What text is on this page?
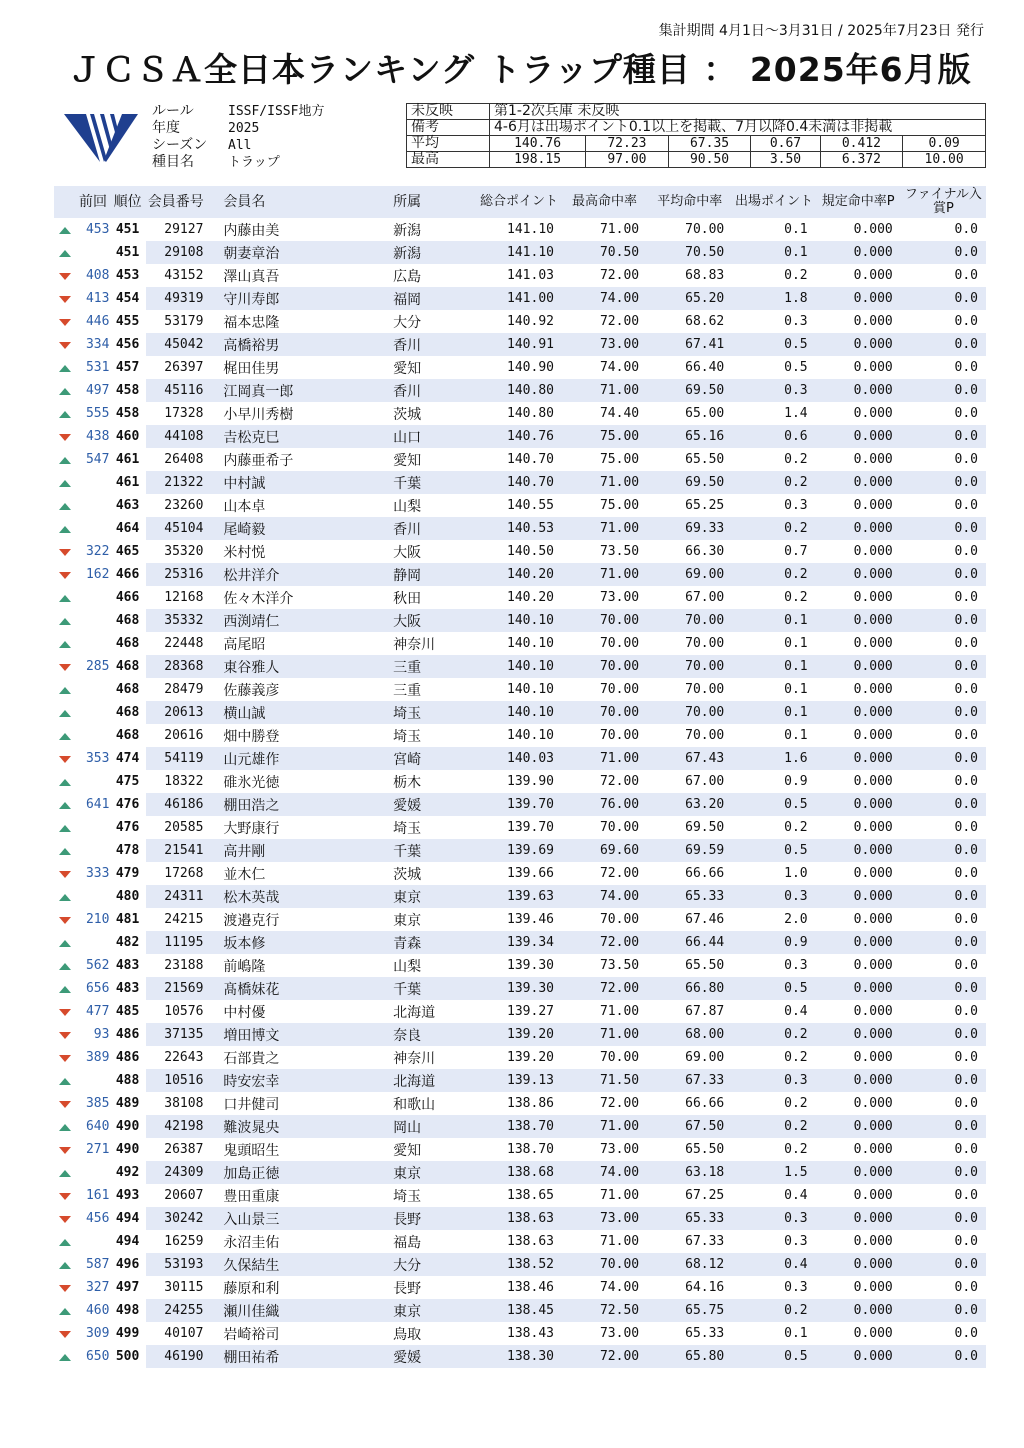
集計期間 4月1日～3月31日 / 2025年7月23日 発行
ＪＣＳＡ全日本ランキング トラップ種目 ： 2025年6月版
ルール	ISSF/ISSF地方
年度	2025
シーズン	All
種目名	トラップ
未反映	第1-2次兵庫 未反映					
備考	4-6月は出場ポイント0.1以上を掲載、7月以降0.4未満は非掲載					
平均	140.76	72.23	67.35	0.67	0.412	0.09
最高	198.15	97.00	90.50	3.50	6.372	10.00
	前回	順位	会員番号	会員名	所属	総合ポイント	最高命中率	平均命中率	出場ポイント	規定命中率P	ファイナル入賞P
	453	451	29127	内藤由美	新潟	141.10	71.00	70.00	0.1	0.000	0.0
		451	29108	朝妻章治	新潟	141.10	70.50	70.50	0.1	0.000	0.0
	408	453	43152	澤山真吾	広島	141.03	72.00	68.83	0.2	0.000	0.0
	413	454	49319	守川寿郎	福岡	141.00	74.00	65.20	1.8	0.000	0.0
	446	455	53179	福本忠隆	大分	140.92	72.00	68.62	0.3	0.000	0.0
	334	456	45042	高橋裕男	香川	140.91	73.00	67.41	0.5	0.000	0.0
	531	457	26397	梶田佳男	愛知	140.90	74.00	66.40	0.5	0.000	0.0
	497	458	45116	江岡真一郎	香川	140.80	71.00	69.50	0.3	0.000	0.0
	555	458	17328	小早川秀樹	茨城	140.80	74.40	65.00	1.4	0.000	0.0
	438	460	44108	𠮷松克巳	山口	140.76	75.00	65.16	0.6	0.000	0.0
	547	461	26408	内藤亜希子	愛知	140.70	75.00	65.50	0.2	0.000	0.0
		461	21322	中村誠	千葉	140.70	71.00	69.50	0.2	0.000	0.0
		463	23260	山本卓	山梨	140.55	75.00	65.25	0.3	0.000	0.0
		464	45104	尾崎毅	香川	140.53	71.00	69.33	0.2	0.000	0.0
	322	465	35320	米村悦	大阪	140.50	73.50	66.30	0.7	0.000	0.0
	162	466	25316	松井洋介	静岡	140.20	71.00	69.00	0.2	0.000	0.0
		466	12168	佐々木洋介	秋田	140.20	73.00	67.00	0.2	0.000	0.0
		468	35332	西渕靖仁	大阪	140.10	70.00	70.00	0.1	0.000	0.0
		468	22448	高尾昭	神奈川	140.10	70.00	70.00	0.1	0.000	0.0
	285	468	28368	東谷雅人	三重	140.10	70.00	70.00	0.1	0.000	0.0
		468	28479	佐藤義彦	三重	140.10	70.00	70.00	0.1	0.000	0.0
		468	20613	横山誠	埼玉	140.10	70.00	70.00	0.1	0.000	0.0
		468	20616	畑中勝登	埼玉	140.10	70.00	70.00	0.1	0.000	0.0
	353	474	54119	山元雄作	宮崎	140.03	71.00	67.43	1.6	0.000	0.0
		475	18322	碓氷光徳	栃木	139.90	72.00	67.00	0.9	0.000	0.0
	641	476	46186	棚田浩之	愛媛	139.70	76.00	63.20	0.5	0.000	0.0
		476	20585	大野康行	埼玉	139.70	70.00	69.50	0.2	0.000	0.0
		478	21541	高井剛	千葉	139.69	69.60	69.59	0.5	0.000	0.0
	333	479	17268	並木仁	茨城	139.66	72.00	66.66	1.0	0.000	0.0
		480	24311	松木英哉	東京	139.63	74.00	65.33	0.3	0.000	0.0
	210	481	24215	渡邉克行	東京	139.46	70.00	67.46	2.0	0.000	0.0
		482	11195	坂本修	青森	139.34	72.00	66.44	0.9	0.000	0.0
	562	483	23188	前嶋隆	山梨	139.30	73.50	65.50	0.3	0.000	0.0
	656	483	21569	髙橋妹花	千葉	139.30	72.00	66.80	0.5	0.000	0.0
	477	485	10576	中村優	北海道	139.27	71.00	67.87	0.4	0.000	0.0
	93	486	37135	増田博文	奈良	139.20	71.00	68.00	0.2	0.000	0.0
	389	486	22643	石部貴之	神奈川	139.20	70.00	69.00	0.2	0.000	0.0
		488	10516	時安宏幸	北海道	139.13	71.50	67.33	0.3	0.000	0.0
	385	489	38108	口井健司	和歌山	138.86	72.00	66.66	0.2	0.000	0.0
	640	490	42198	難波晁央	岡山	138.70	71.00	67.50	0.2	0.000	0.0
	271	490	26387	鬼頭昭生	愛知	138.70	73.00	65.50	0.2	0.000	0.0
		492	24309	加島正徳	東京	138.68	74.00	63.18	1.5	0.000	0.0
	161	493	20607	豊田重康	埼玉	138.65	71.00	67.25	0.4	0.000	0.0
	456	494	30242	入山景三	長野	138.63	73.00	65.33	0.3	0.000	0.0
		494	16259	永沼圭佑	福島	138.63	71.00	67.33	0.3	0.000	0.0
	587	496	53193	久保結生	大分	138.52	70.00	68.12	0.4	0.000	0.0
	327	497	30115	藤原和利	長野	138.46	74.00	64.16	0.3	0.000	0.0
	460	498	24255	瀬川佳織	東京	138.45	72.50	65.75	0.2	0.000	0.0
	309	499	40107	岩崎裕司	鳥取	138.43	73.00	65.33	0.1	0.000	0.0
	650	500	46190	棚田祐希	愛媛	138.30	72.00	65.80	0.5	0.000	0.0
